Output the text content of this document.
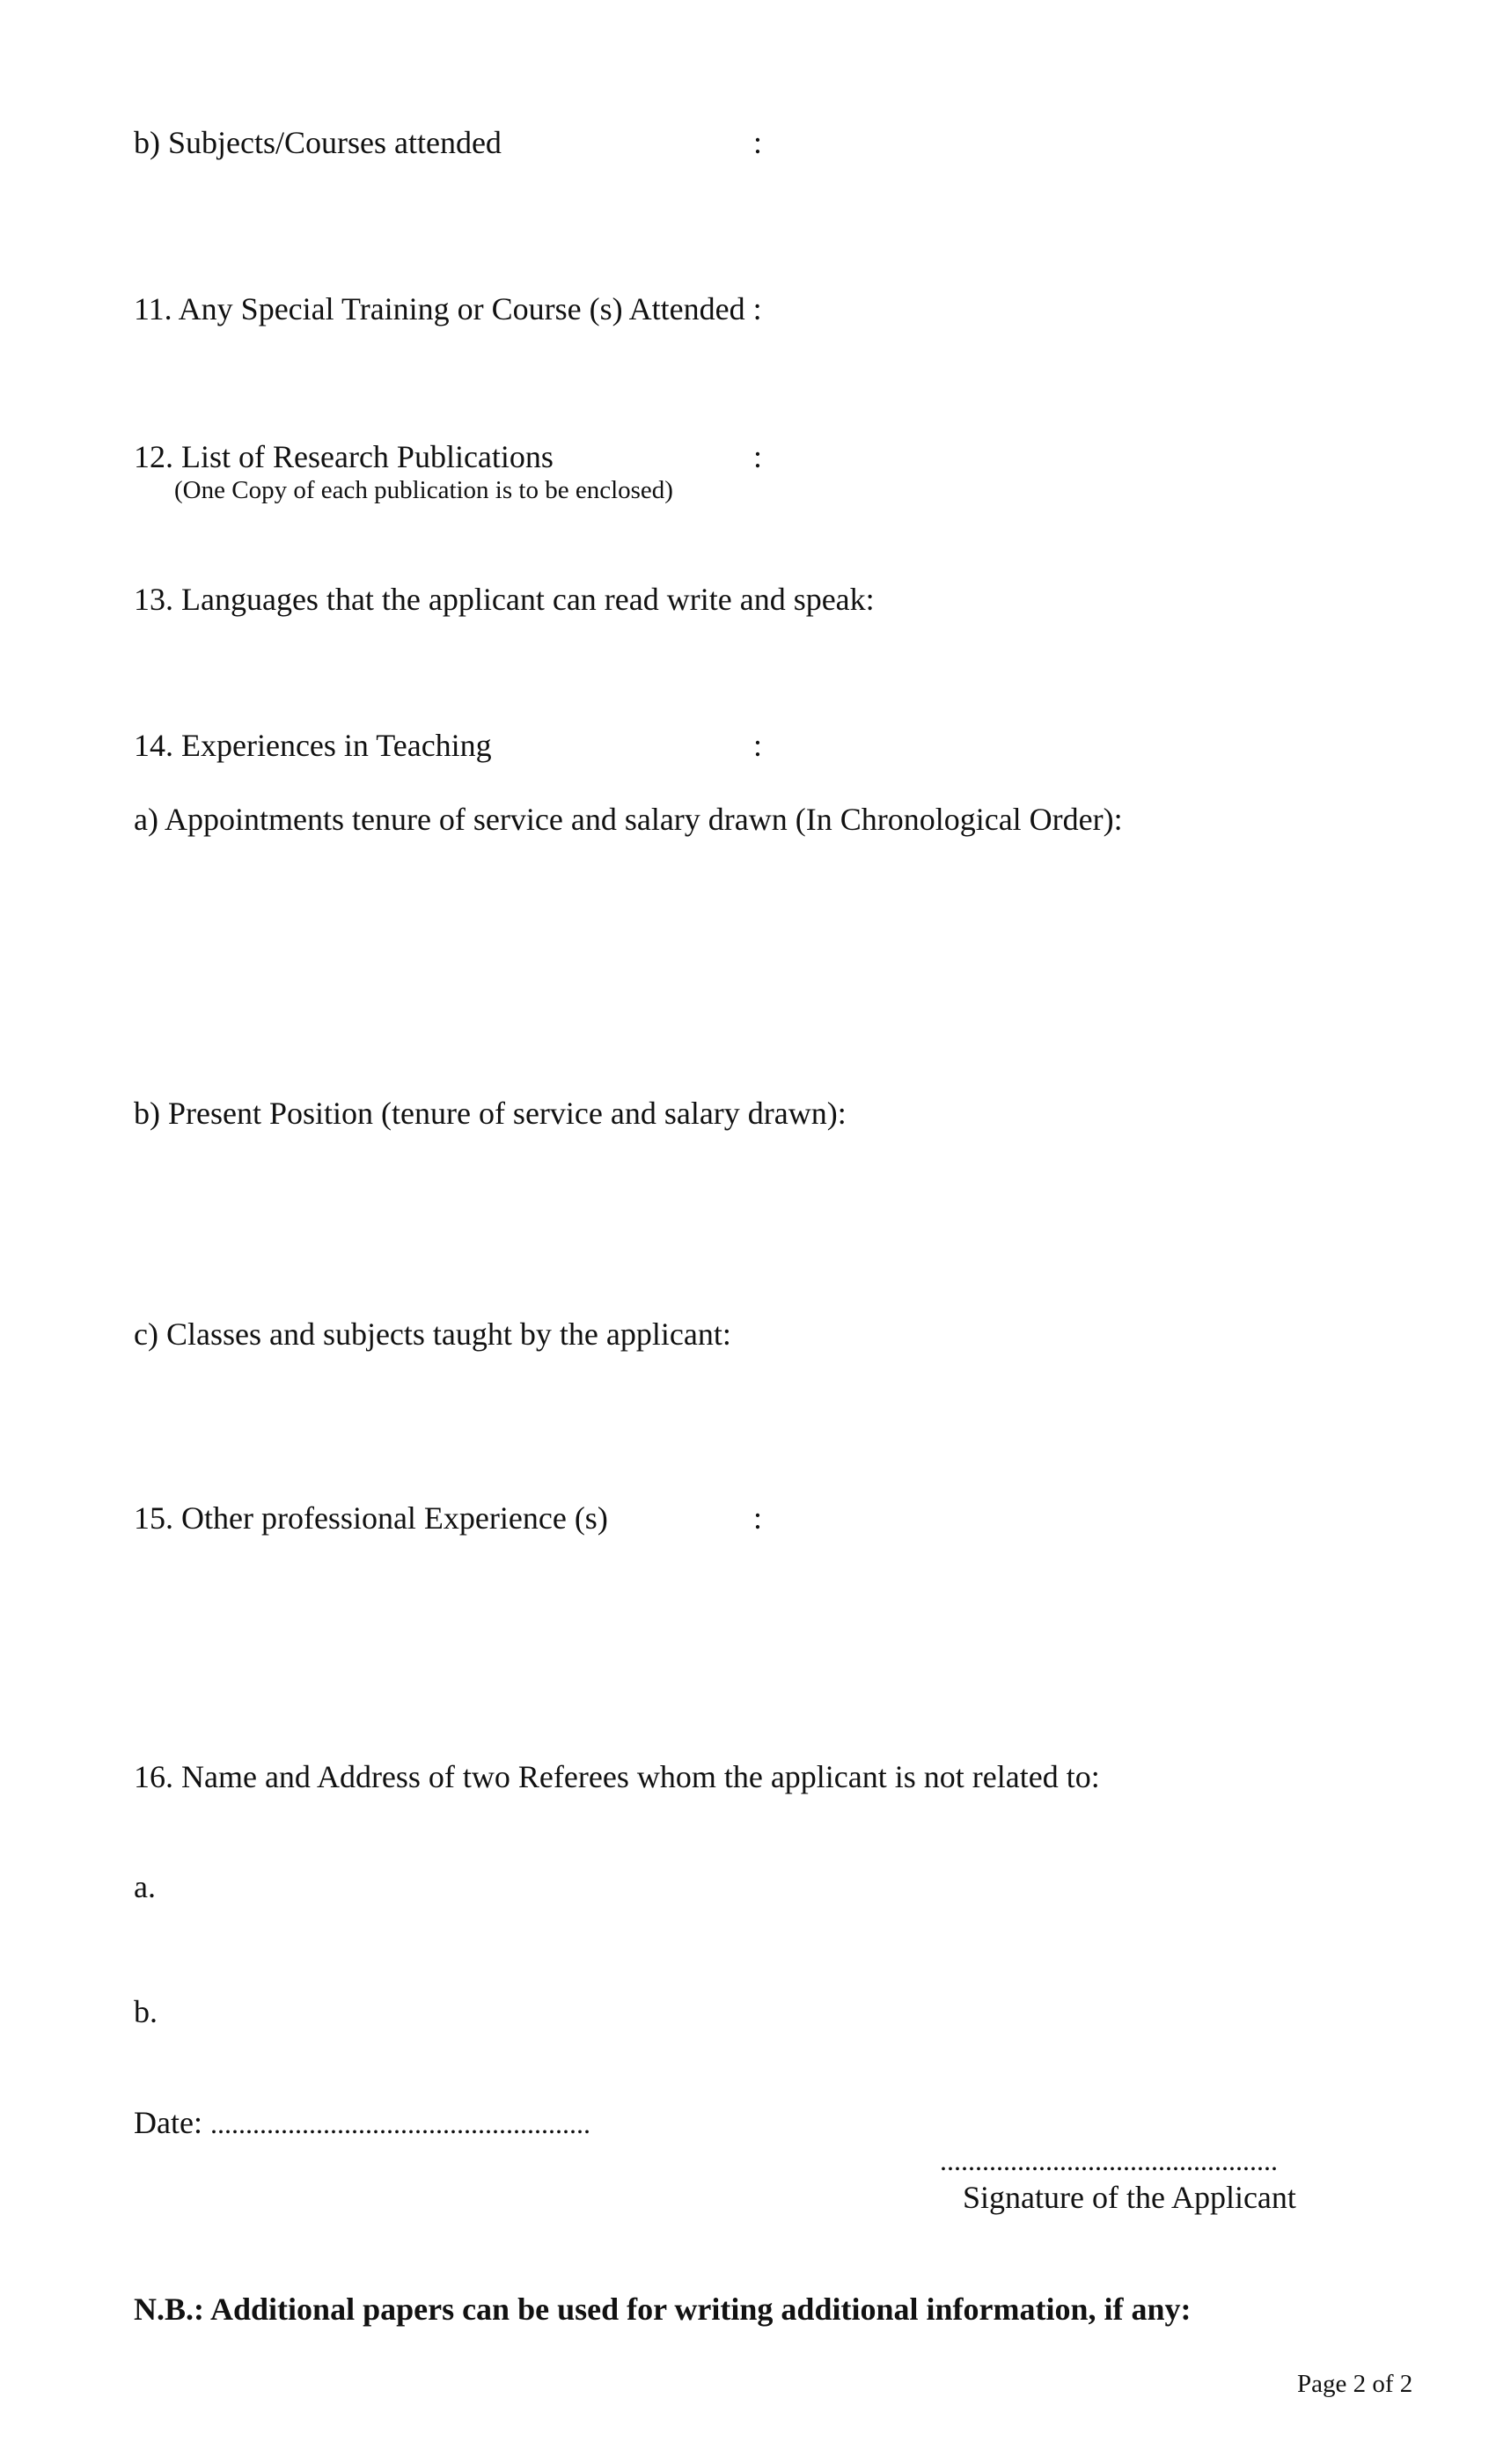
b) Subjects/Courses attended	:
11. Any Special Training or Course (s) Attended :
12. List of Research Publications	:
(One Copy of each publication is to be enclosed)
13. Languages that the applicant can read write and speak:
14. Experiences in Teaching	:
a) Appointments tenure of service and salary drawn (In Chronological Order):
b) Present Position (tenure of service and salary drawn):
c) Classes and subjects taught by the applicant:
15. Other professional Experience (s)	:
16. Name and Address of two Referees whom the applicant is not related to:
a.
b.
Date: ......................................................
................................................
Signature of the Applicant
N.B.: Additional papers can be used for writing additional information, if any:
Page 2 of 2
